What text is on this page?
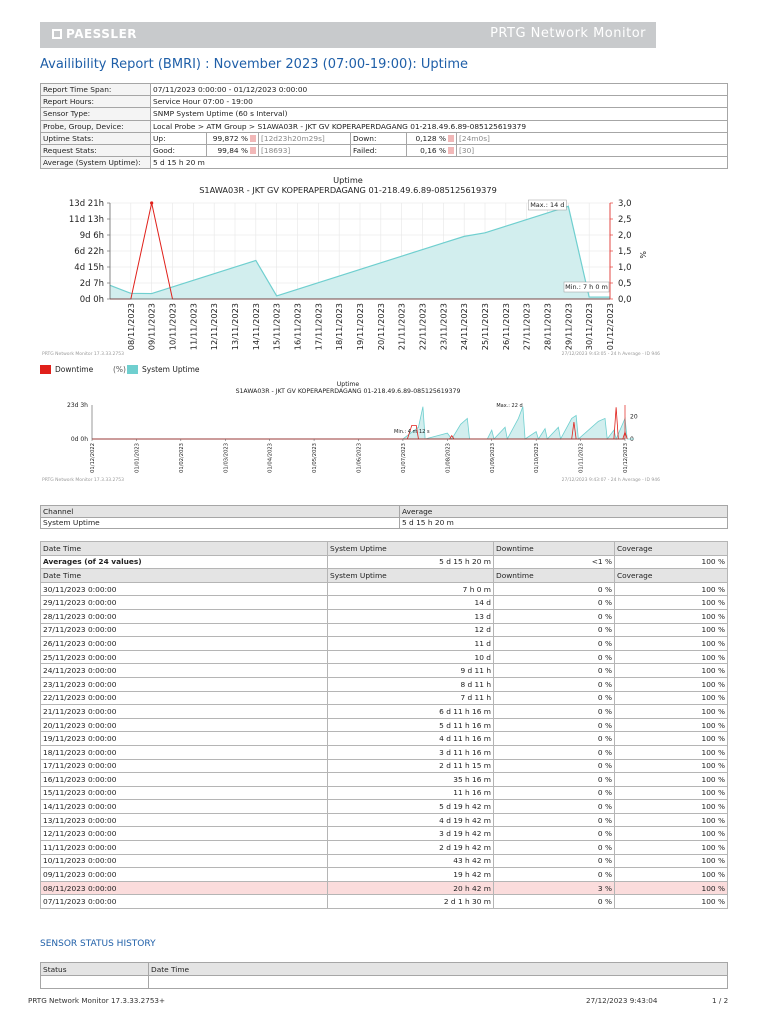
PAESSLER	PRTG Network Monitor
Availibility Report (BMRI) : November 2023 (07:00-19:00): Uptime
Report Time Span:	07/11/2023 0:00:00 - 01/12/2023 0:00:00					
Report Hours:	Service Hour 07:00 - 19:00					
Sensor Type:	SNMP System Uptime (60 s Interval)					
Probe, Group, Device:	Local Probe > ATM Group > S1AWA03R - JKT GV KOPERAPERDAGANG 01-218.49.6.89-085125619379					
Uptime Stats:	Up:	99,872 %	[12d23h20m29s]	Down:	0,128 %	[24m0s]
Request Stats:	Good:	99,84 %	[18693]	Failed:	0,16 %	[30]
Average (System Uptime):	5 d 15 h 20 m					
Uptime
S1AWA03R - JKT GV KOPERAPERDAGANG 01-218.49.6.89-085125619379
13d 21h
11d 13h
9d 6h
6d 22h
4d 15h
2d 7h
0d 0h
3,0
2,5
2,0
1,5
1,0
0,5
0,0
%
Max.: 14 d
Min.: 7 h 0 m
08/11/2023 09/11/2023 10/11/2023 11/11/2023 12/11/2023 13/11/2023 14/11/2023 15/11/2023 16/11/2023 17/11/2023 18/11/2023 19/11/2023 20/11/2023 21/11/2023 22/11/2023 23/11/2023 24/11/2023 25/11/2023 26/11/2023 27/11/2023 28/11/2023 29/11/2023 30/11/2023 01/12/2023
PRTG Network Monitor 17.3.33.2753	27/12/2023 9:43:05 - 24 h Average - ID 946
Downtime	(%) System Uptime
Uptime
S1AWA03R - JKT GV KOPERAPERDAGANG 01-218.49.6.89-085125619379
23d 3h
0d 0h
20
0
Max.: 22 d
Min.: 4 m 12 s
01/12/2022	01/01/2023	01/02/2023	01/03/2023	01/04/2023	01/05/2023	01/06/2023	01/07/2023	01/08/2023	01/09/2023	01/10/2023	01/11/2023	01/12/2023
PRTG Network Monitor 17.3.33.2753	27/12/2023 9:43:07 - 24 h Average - ID 946
Channel	Average
System Uptime	5 d 15 h 20 m
Date Time	System Uptime	Downtime	Coverage
Averages (of 24 values)	5 d 15 h 20 m	<1 %	100 %
Date Time	System Uptime	Downtime	Coverage
30/11/2023 0:00:00	7 h 0 m	0 %	100 %
29/11/2023 0:00:00	14 d	0 %	100 %
28/11/2023 0:00:00	13 d	0 %	100 %
27/11/2023 0:00:00	12 d	0 %	100 %
26/11/2023 0:00:00	11 d	0 %	100 %
25/11/2023 0:00:00	10 d	0 %	100 %
24/11/2023 0:00:00	9 d 11 h	0 %	100 %
23/11/2023 0:00:00	8 d 11 h	0 %	100 %
22/11/2023 0:00:00	7 d 11 h	0 %	100 %
21/11/2023 0:00:00	6 d 11 h 16 m	0 %	100 %
20/11/2023 0:00:00	5 d 11 h 16 m	0 %	100 %
19/11/2023 0:00:00	4 d 11 h 16 m	0 %	100 %
18/11/2023 0:00:00	3 d 11 h 16 m	0 %	100 %
17/11/2023 0:00:00	2 d 11 h 15 m	0 %	100 %
16/11/2023 0:00:00	35 h 16 m	0 %	100 %
15/11/2023 0:00:00	11 h 16 m	0 %	100 %
14/11/2023 0:00:00	5 d 19 h 42 m	0 %	100 %
13/11/2023 0:00:00	4 d 19 h 42 m	0 %	100 %
12/11/2023 0:00:00	3 d 19 h 42 m	0 %	100 %
11/11/2023 0:00:00	2 d 19 h 42 m	0 %	100 %
10/11/2023 0:00:00	43 h 42 m	0 %	100 %
09/11/2023 0:00:00	19 h 42 m	0 %	100 %
08/11/2023 0:00:00	20 h 42 m	3 %	100 %
07/11/2023 0:00:00	2 d 1 h 30 m	0 %	100 %
SENSOR STATUS HISTORY
Status	Date Time

PRTG Network Monitor 17.3.33.2753+	27/12/2023 9:43:04	1 / 2
